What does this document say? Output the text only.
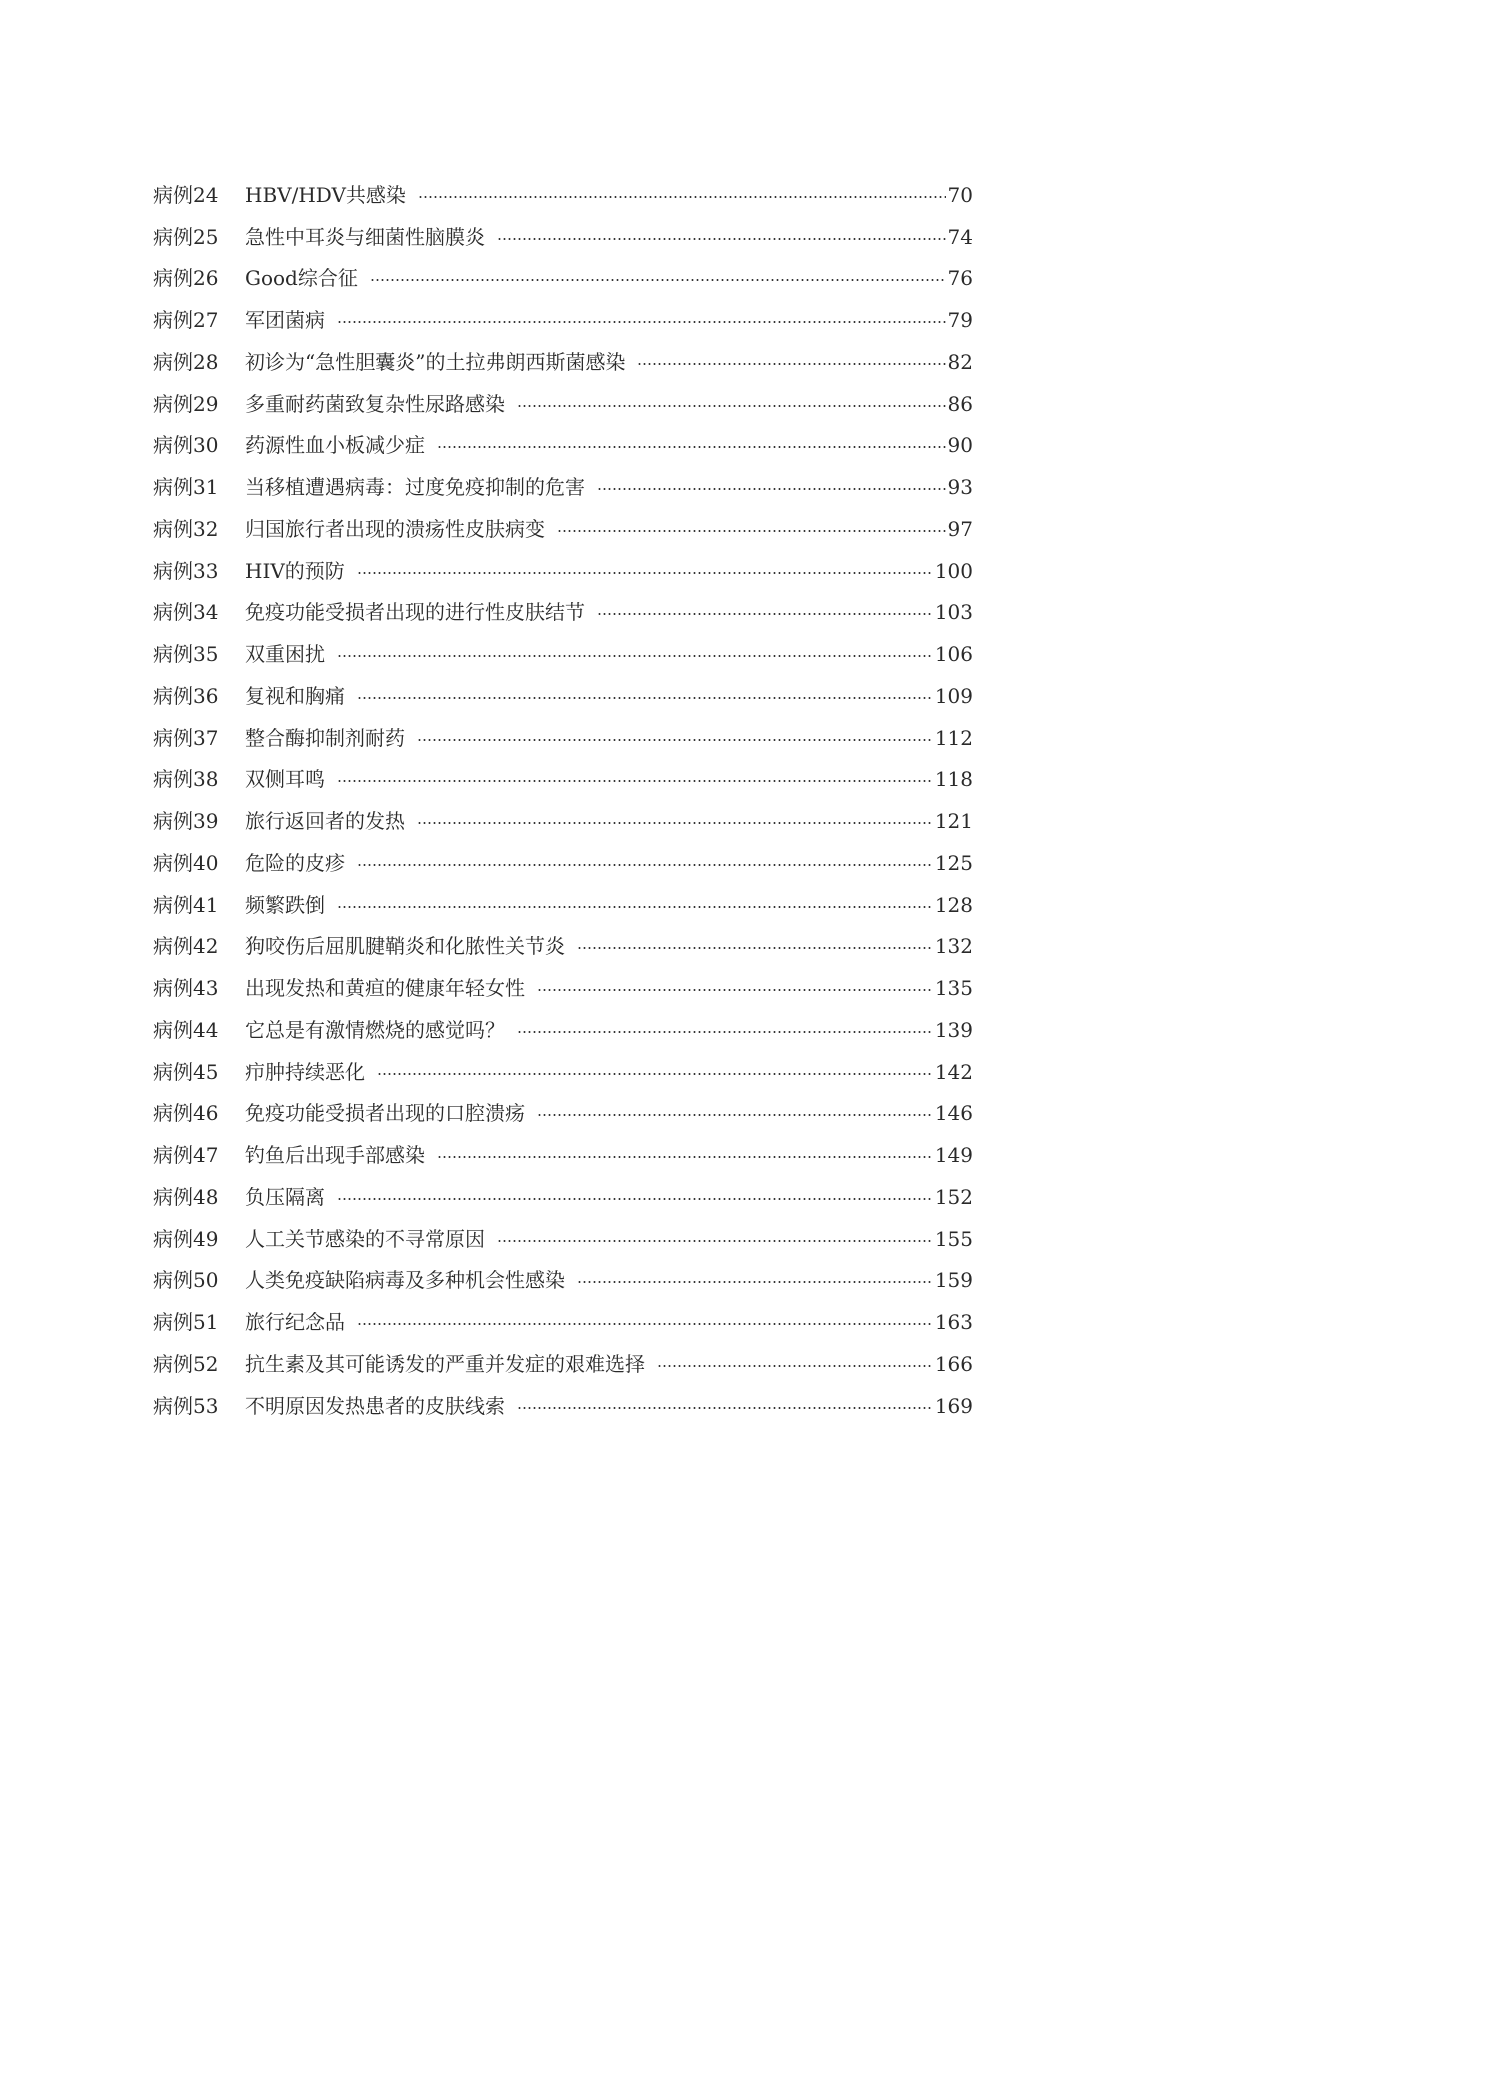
病例24	HBV/HDV共感染	70
病例25	急性中耳炎与细菌性脑膜炎	74
病例26	Good综合征	76
病例27	军团菌病	79
病例28	初诊为“急性胆囊炎”的土拉弗朗西斯菌感染	82
病例29	多重耐药菌致复杂性尿路感染	86
病例30	药源性血小板减少症	90
病例31	当移植遭遇病毒：过度免疫抑制的危害	93
病例32	归国旅行者出现的溃疡性皮肤病变	97
病例33	HIV的预防	100
病例34	免疫功能受损者出现的进行性皮肤结节	103
病例35	双重困扰	106
病例36	复视和胸痛	109
病例37	整合酶抑制剂耐药	112
病例38	双侧耳鸣	118
病例39	旅行返回者的发热	121
病例40	危险的皮疹	125
病例41	频繁跌倒	128
病例42	狗咬伤后屈肌腱鞘炎和化脓性关节炎	132
病例43	出现发热和黄疸的健康年轻女性	135
病例44	它总是有激情燃烧的感觉吗？	139
病例45	疖肿持续恶化	142
病例46	免疫功能受损者出现的口腔溃疡	146
病例47	钓鱼后出现手部感染	149
病例48	负压隔离	152
病例49	人工关节感染的不寻常原因	155
病例50	人类免疫缺陷病毒及多种机会性感染	159
病例51	旅行纪念品	163
病例52	抗生素及其可能诱发的严重并发症的艰难选择	166
病例53	不明原因发热患者的皮肤线索	169
